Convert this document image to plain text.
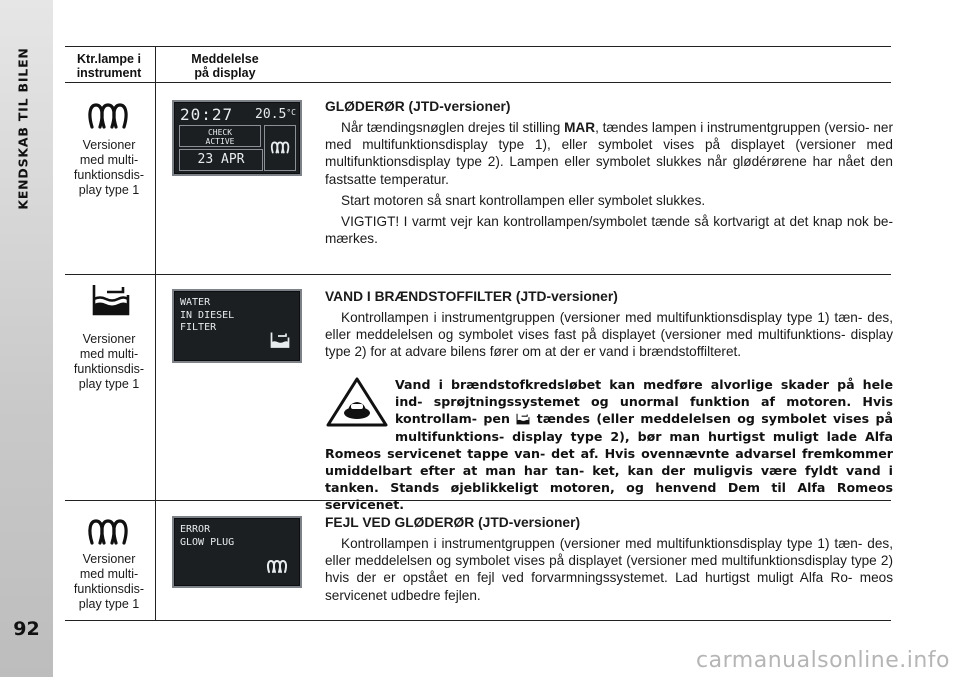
KENDSKAB TIL BILEN
92
Ktr.lampe i
instrument
Meddelelse
på display
Versioner
med multi-
funktionsdis-
play type 1
20:27 $20.5^{^\circ C}$
CHECK
ACTIVE
23 APR
GLØDERØR (JTD-versioner)

Når tændingsnøglen drejes til stilling MAR, tændes lampen i instrumentgruppen (versio- ner med multifunktionsdisplay type 1), eller symbolet vises på displayet (versioner med multifunktionsdisplay type 2). Lampen eller symbolet slukkes når glødérørene har nået den fastsatte temperatur.

Start motoren så snart kontrollampen eller symbolet slukkes.

VIGTIGT! I varmt vejr kan kontrollampen/symbolet tænde så kortvarigt at det knap nok be- mærkes.

Versioner
med multi-
funktionsdis-
play type 1
WATER
IN DIESEL
FILTER
VAND I BRÆNDSTOFFILTER (JTD-versioner)

Kontrollampen i instrumentgruppen (versioner med multifunktionsdisplay type 1) tæn- des, eller meddelelsen og symbolet vises fast på displayet (versioner med multifunktions- display type 2) for at advare bilens fører om at der er vand i brændstoffilteret.

Vand i brændstofkredsløbet kan medføre alvorlige skader på hele ind- sprøjtningssystemet og unormal funktion af motoren. Hvis kontrollam- pen  tændes (eller meddelelsen og symbolet vises på multifunktions- display type 2), bør man hurtigst muligt lade Alfa Romeos servicenet tappe van- det af. Hvis ovennævnte advarsel fremkommer umiddelbart efter at man har tan- ket, kan der muligvis være fyldt vand i tanken. Stands øjeblikkeligt motoren, og henvend Dem til Alfa Romeos servicenet.
Versioner
med multi-
funktionsdis-
play type 1
ERROR
GLOW PLUG
FEJL VED GLØDERØR (JTD-versioner)

Kontrollampen i instrumentgruppen (versioner med multifunktionsdisplay type 1) tæn- des, eller meddelelsen og symbolet vises på displayet (versioner med multifunktionsdisplay type 2) hvis der er opstået en fejl ved forvarmningssystemet. Lad hurtigst muligt Alfa Ro- meos servicenet udbedre fejlen.

carmanualsonline.info
